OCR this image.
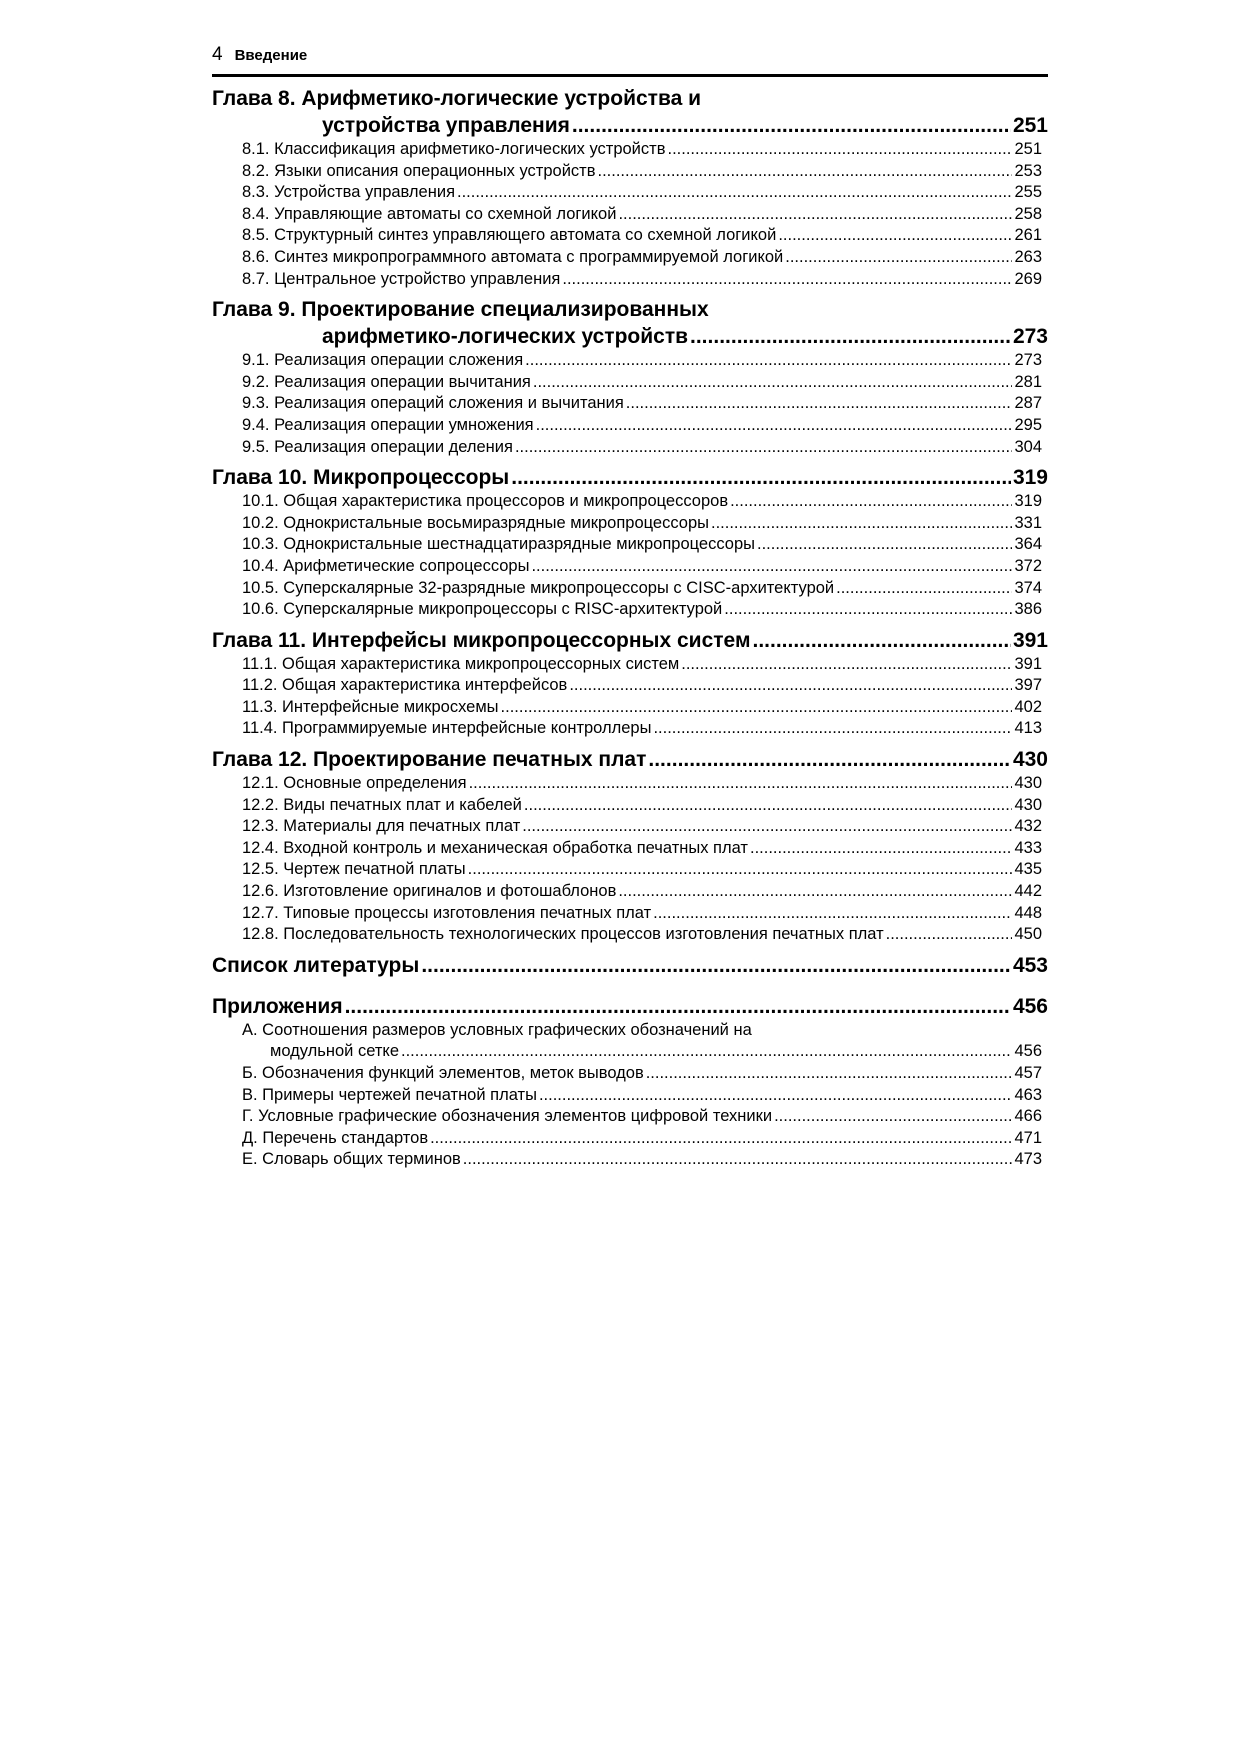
4 Введение
Глава 8. Арифметико-логические устройства и
устройства управления .....	251
8.1. Классификация арифметико-логических устройств .....	251
8.2. Языки описания операционных устройств .....	253
8.3. Устройства управления .....	255
8.4. Управляющие автоматы со схемной логикой .....	258
8.5. Структурный синтез управляющего автомата со схемной логикой .....	261
8.6. Синтез микропрограммного автомата с программируемой логикой .....	263
8.7. Центральное устройство управления .....	269
Глава 9. Проектирование специализированных
арифметико-логических устройств .....	273
9.1. Реализация операции сложения .....	273
9.2. Реализация операции вычитания .....	281
9.3. Реализация операций сложения и вычитания .....	287
9.4. Реализация операции умножения .....	295
9.5. Реализация операции деления .....	304
Глава 10. Микропроцессоры .....	319
10.1. Общая характеристика процессоров и микропроцессоров .....	319
10.2. Однокристальные восьмиразрядные микропроцессоры .....	331
10.3. Однокристальные шестнадцатиразрядные микропроцессоры .....	364
10.4. Арифметические сопроцессоры .....	372
10.5. Суперскалярные 32-разрядные микропроцессоры с CISC-архитектурой .....	374
10.6. Суперскалярные микропроцессоры с RISC-архитектурой .....	386
Глава 11. Интерфейсы микропроцессорных систем .....	391
11.1. Общая характеристика микропроцессорных систем .....	391
11.2. Общая характеристика интерфейсов .....	397
11.3. Интерфейсные микросхемы .....	402
11.4. Программируемые интерфейсные контроллеры .....	413
Глава 12. Проектирование печатных плат .....	430
12.1. Основные определения .....	430
12.2. Виды печатных плат и кабелей .....	430
12.3. Материалы для печатных плат .....	432
12.4. Входной контроль и механическая обработка печатных плат .....	433
12.5. Чертеж печатной платы .....	435
12.6. Изготовление оригиналов и фотошаблонов .....	442
12.7. Типовые процессы изготовления печатных плат .....	448
12.8. Последовательность технологических процессов изготовления печатных плат .....	450
Список литературы .....	453
Приложения .....	456
А. Соотношения размеров условных графических обозначений на
модульной сетке .....	456
Б. Обозначения функций элементов, меток выводов .....	457
В. Примеры чертежей печатной платы .....	463
Г. Условные графические обозначения элементов цифровой техники .....	466
Д. Перечень стандартов .....	471
Е. Словарь общих терминов .....	473
